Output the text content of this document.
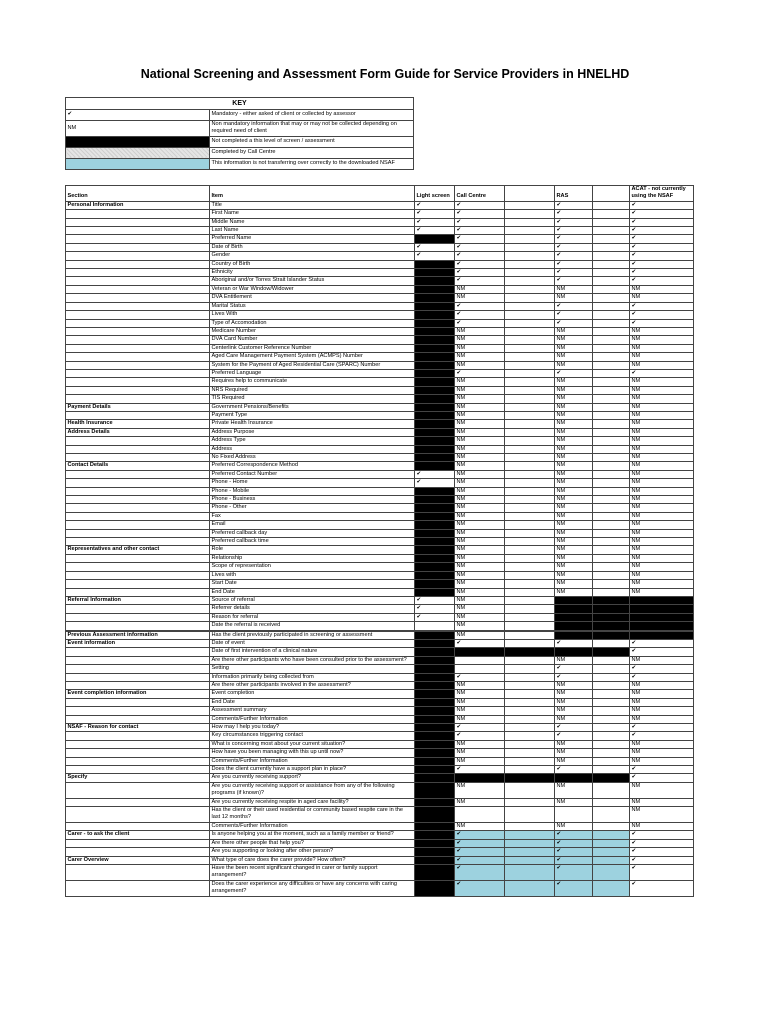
National Screening and Assessment Form Guide for Service Providers in HNELHD
KEY	
✔	Mandatory - either asked of client or collected by assessor
NM	Non mandatory information that may or may not be collected depending on required need of client
	Not completed a this level of screen / assessment
	Completed by Call Centre
	This information is not transferring over correctly to the downloaded NSAF
Section	Item	Light screen	Call Centre		RAS		ACAT - not currently using the NSAF
Personal Information	Title	✔	✔		✔		✔
	First Name	✔	✔		✔		✔
	Middle Name	✔	✔		✔		✔
	Last Name	✔	✔		✔		✔
	Preferred Name		✔		✔		✔
	Date of Birth	✔	✔		✔		✔
	Gender	✔	✔		✔		✔
	Country of Birth		✔		✔		✔
	Ethnicity		✔		✔		✔
	Aboriginal and/or Torres Strait Islander Status		✔		✔		✔
	Veteran or War Window/Widower		NM		NM		NM
	DVA Entitlement		NM		NM		NM
	Marital Status		✔		✔		✔
	Lives With		✔		✔		✔
	Type of Accomodation		✔		✔		✔
	Medicare Number		NM		NM		NM
	DVA Card Number		NM		NM		NM
	Centerlink Customer Reference Number		NM		NM		NM
	Aged Care Management Payment System (ACMPS) Number		NM		NM		NM
	System for the Payment of Aged Residential Care (SPARC) Number		NM		NM		NM
	Preferred Language		✔		✔		✔
	Requires help to communicate		NM		NM		NM
	NRS Required		NM		NM		NM
	TIS Required		NM		NM		NM
Payment Details	Government Pensions/Benefits		NM		NM		NM
	Payment Type		NM		NM		NM
Health Insurance	Private Health Insurance		NM		NM		NM
Address Details	Address Purpose		NM		NM		NM
	Address Type		NM		NM		NM
	Address		NM		NM		NM
	No Fixed Address		NM		NM		NM
Contact Details	Preferred Correspondence Method		NM		NM		NM
	Preferred Contact Number	✔	NM		NM		NM
	Phone - Home	✔	NM		NM		NM
	Phone - Mobile		NM		NM		NM
	Phone - Business		NM		NM		NM
	Phone - Other		NM		NM		NM
	Fax		NM		NM		NM
	Email		NM		NM		NM
	Preferred callback day		NM		NM		NM
	Preferred callback time		NM		NM		NM
Representatives and other contact	Role		NM		NM		NM
	Relationship		NM		NM		NM
	Scope of representation		NM		NM		NM
	Lives with		NM		NM		NM
	Start Date		NM		NM		NM
	End Date		NM		NM		NM
Referral Information	Source of referral	✔	NM				
	Referrer details	✔	NM				
	Reason for referral	✔	NM				
	Date the referral is received		NM				

Previous Assessment information	Has the client previously participated in screening or assessment		NM				
Event information	Date of event		✔		✔		✔
	Date of first intervention of a clinical nature						✔
	Are there other participants who have been consulted prior to the assessment?				NM		NM
	Setting				✔		✔
	Information primarily being collected from		✔		✔		✔
	Are there other participants involved in the assessment?		NM		NM		NM
Event completion information	Event completion		NM		NM		NM
	End Date		NM		NM		NM
	Assessment summary		NM		NM		NM
	Comments/Further Information		NM		NM		NM
NSAF - Reason for contact	How may I help you today?		✔		✔		✔
	Key circumstances triggering contact		✔		✔		✔
	What is concerning most about your current situation?		NM		NM		NM
	How have you been managing with this up until now?		NM		NM		NM
	Comments/Further Information		NM		NM		NM
	Does the client currently have a support plan in place?		✔		✔		✔
Specify	Are you currently receiving support?						✔
	Are you currently receiving support or assistance from any of the following programs (if known)?		NM		NM		NM
	Are you currently receiving respite in aged care facility?		NM		NM		NM
	Has the client or their used residential or community based respite care in the last 12 months?						NM
	Comments/Further Information		NM		NM		NM
Carer - to ask the client	Is anyone helping you at the moment, such as a family member or friend?		✔		✔		✔
	Are there other people that help you?		✔		✔		✔
	Are you supporting or looking after other person?		✔		✔		✔
Carer Overview	What type of care does the carer provide? How often?		✔		✔		✔
	Have the been recent significant changed in carer or family support arrangement?		✔		✔		✔
	Does the carer experience any difficulties or have any concerns with caring arrangement?		✔		✔		✔
